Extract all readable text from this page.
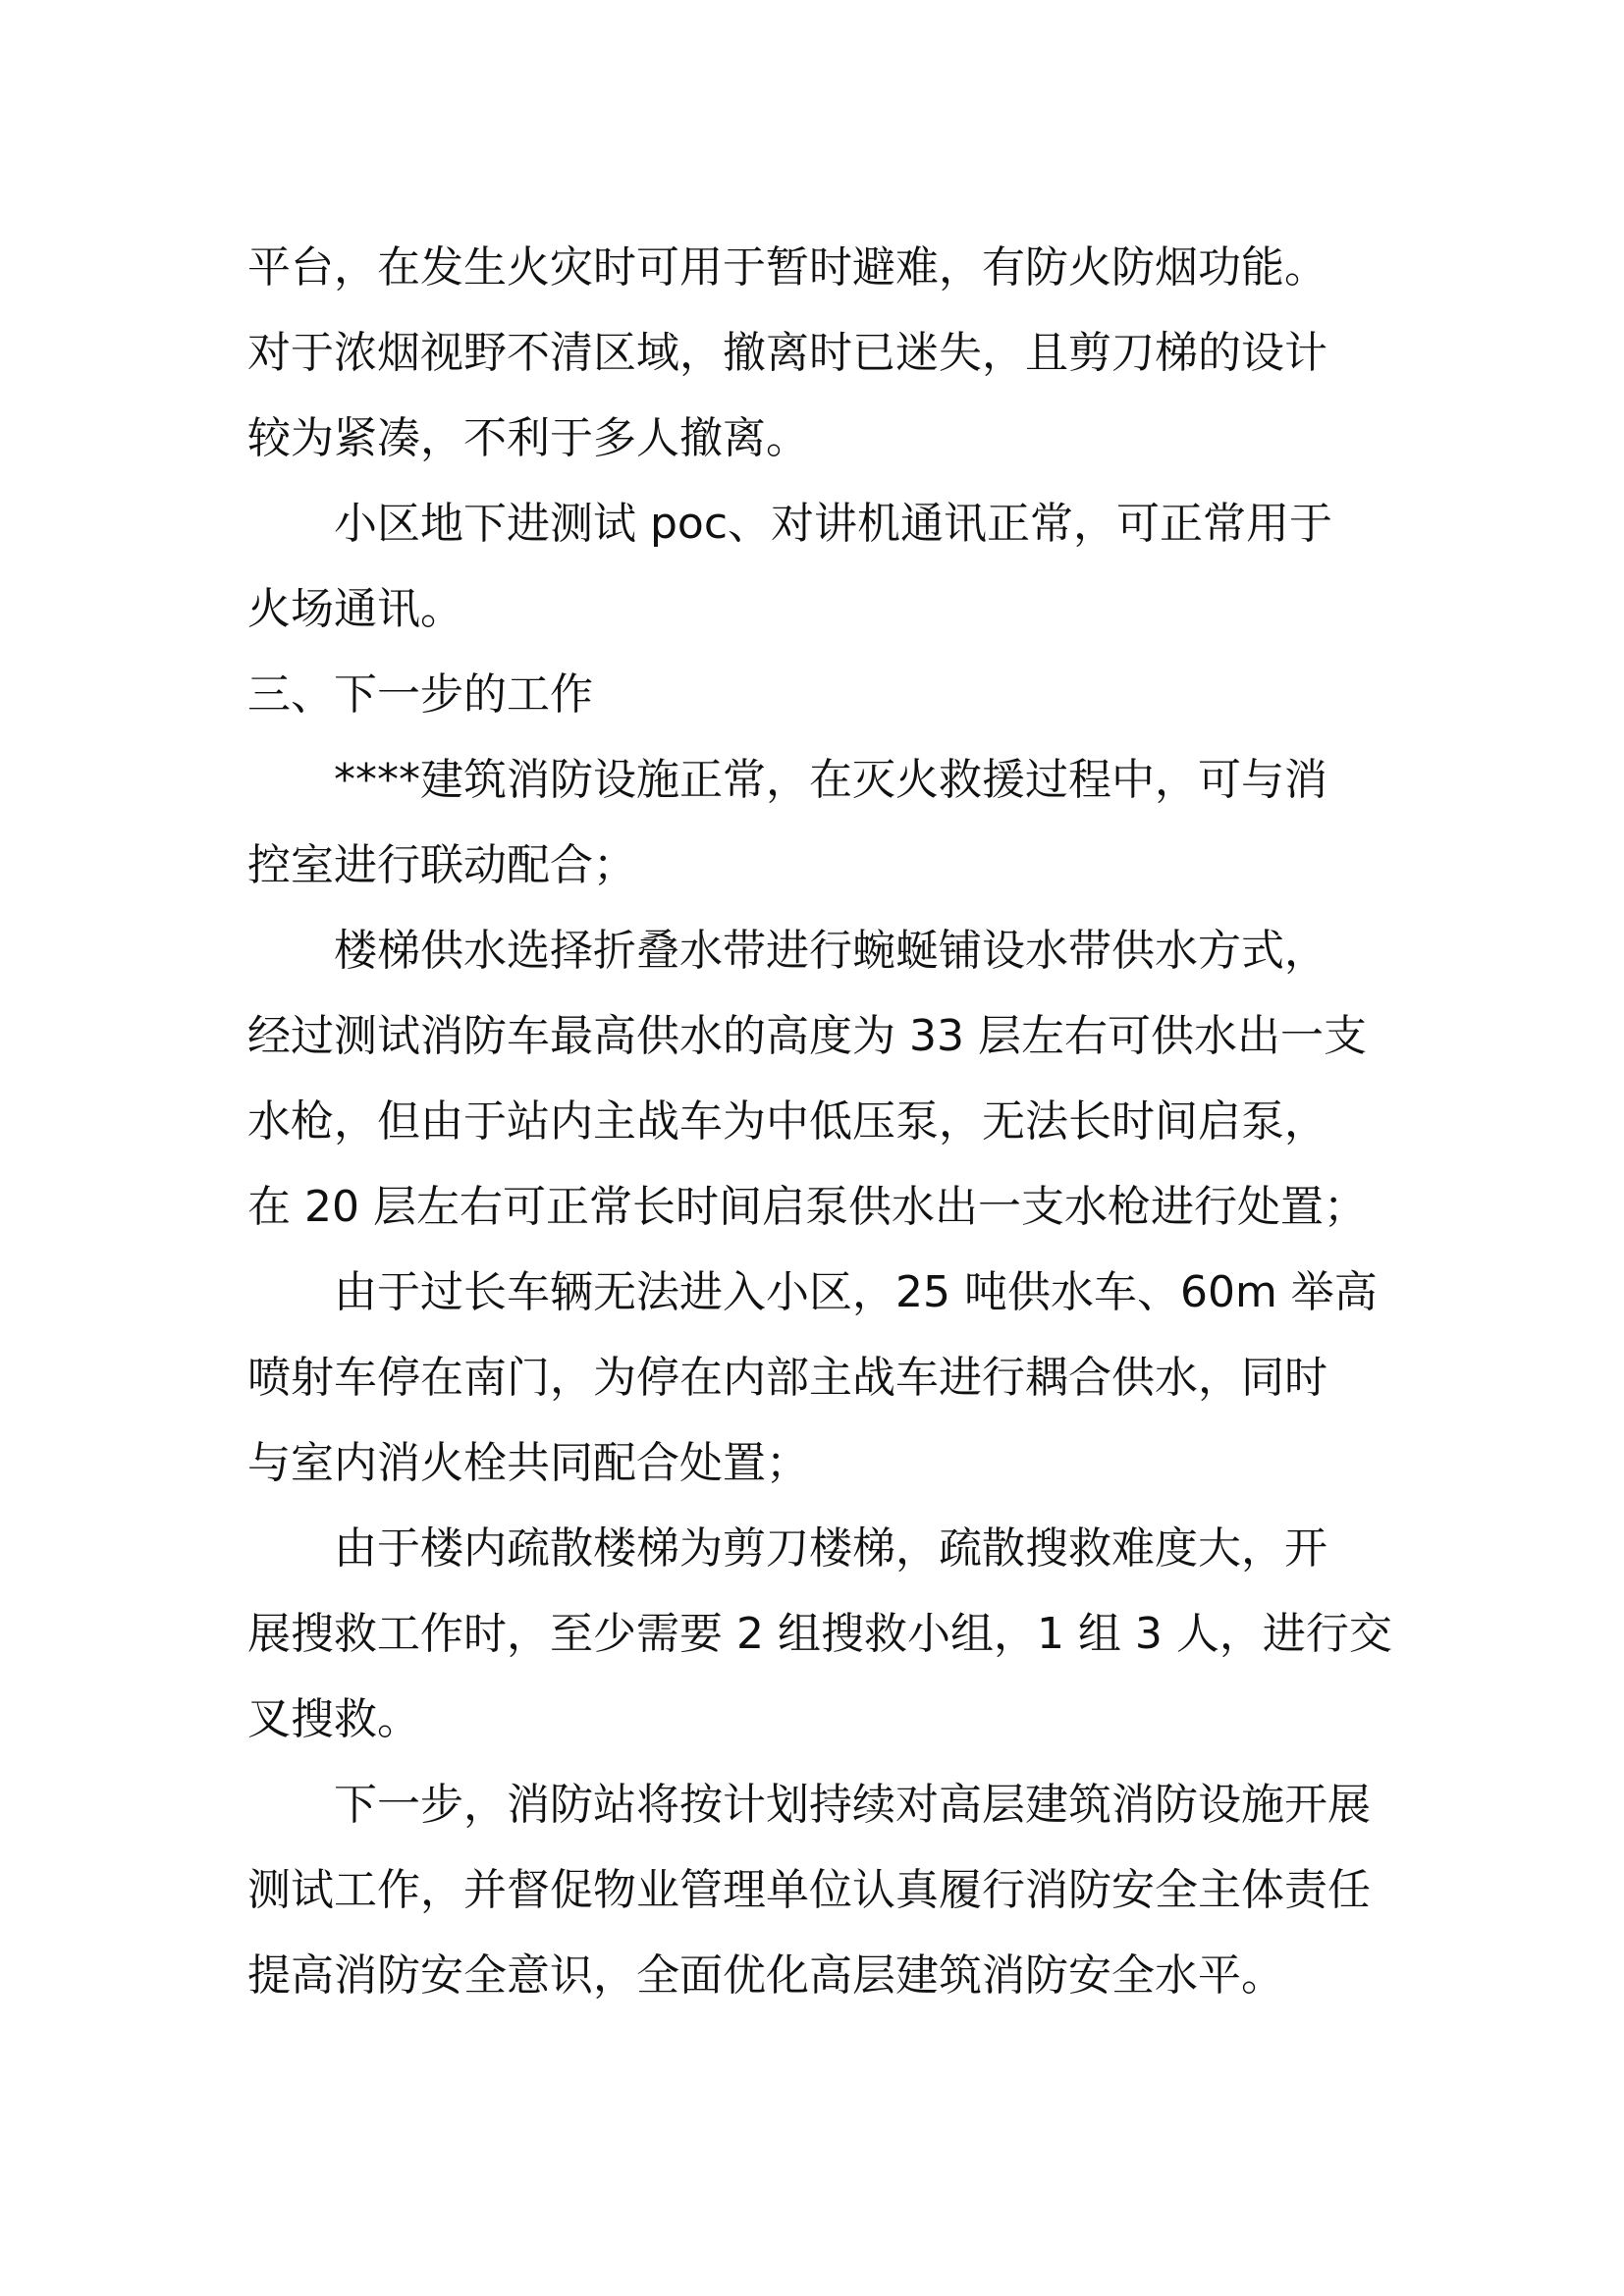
平台，在发生火灾时可用于暂时避难，有防火防烟功能。

对于浓烟视野不清区域，撤离时已迷失，且剪刀梯的设计

较为紧凑，不利于多人撤离。

小区地下进测试 poc、对讲机通讯正常，可正常用于

火场通讯。

三、下一步的工作

****建筑消防设施正常，在灭火救援过程中，可与消

控室进行联动配合；

楼梯供水选择折叠水带进行蜿蜒铺设水带供水方式，

经过测试消防车最高供水的高度为 33 层左右可供水出一支

水枪，但由于站内主战车为中低压泵，无法长时间启泵，

在 20 层左右可正常长时间启泵供水出一支水枪进行处置；

由于过长车辆无法进入小区，25 吨供水车、60m 举高

喷射车停在南门，为停在内部主战车进行耦合供水，同时

与室内消火栓共同配合处置；

由于楼内疏散楼梯为剪刀楼梯，疏散搜救难度大，开

展搜救工作时，至少需要 2 组搜救小组，1 组 3 人，进行交

叉搜救。

下一步，消防站将按计划持续对高层建筑消防设施开展

测试工作，并督促物业管理单位认真履行消防安全主体责任

提高消防安全意识，全面优化高层建筑消防安全水平。
